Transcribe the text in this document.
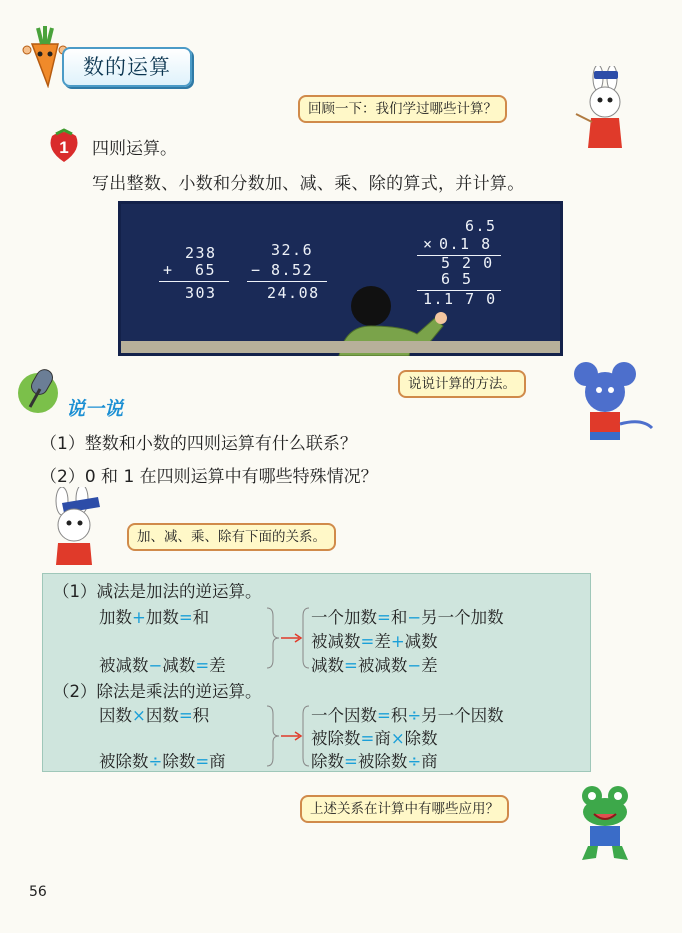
数的运算
回顾一下：我们学过哪些计算？
1 四则运算。
写出整数、小数和分数加、减、乘、除的算式，并计算。
238
+ 65
303
32.6
− 8.52
24.08
6.5
× 0.1 8
5 2 0
6 5
1.1 7 0
说一说
说说计算的方法。
（1）整数和小数的四则运算有什么联系？
（2）0 和 1 在四则运算中有哪些特殊情况？
加、减、乘、除有下面的关系。
（1）减法是加法的逆运算。
加数+加数=和
被减数−减数=差
一个加数=和−另一个加数
被减数=差+减数
减数=被减数−差
（2）除法是乘法的逆运算。
因数×因数=积
被除数÷除数=商
一个因数=积÷另一个因数
被除数=商×除数
除数=被除数÷商
上述关系在计算中有哪些应用？
56
